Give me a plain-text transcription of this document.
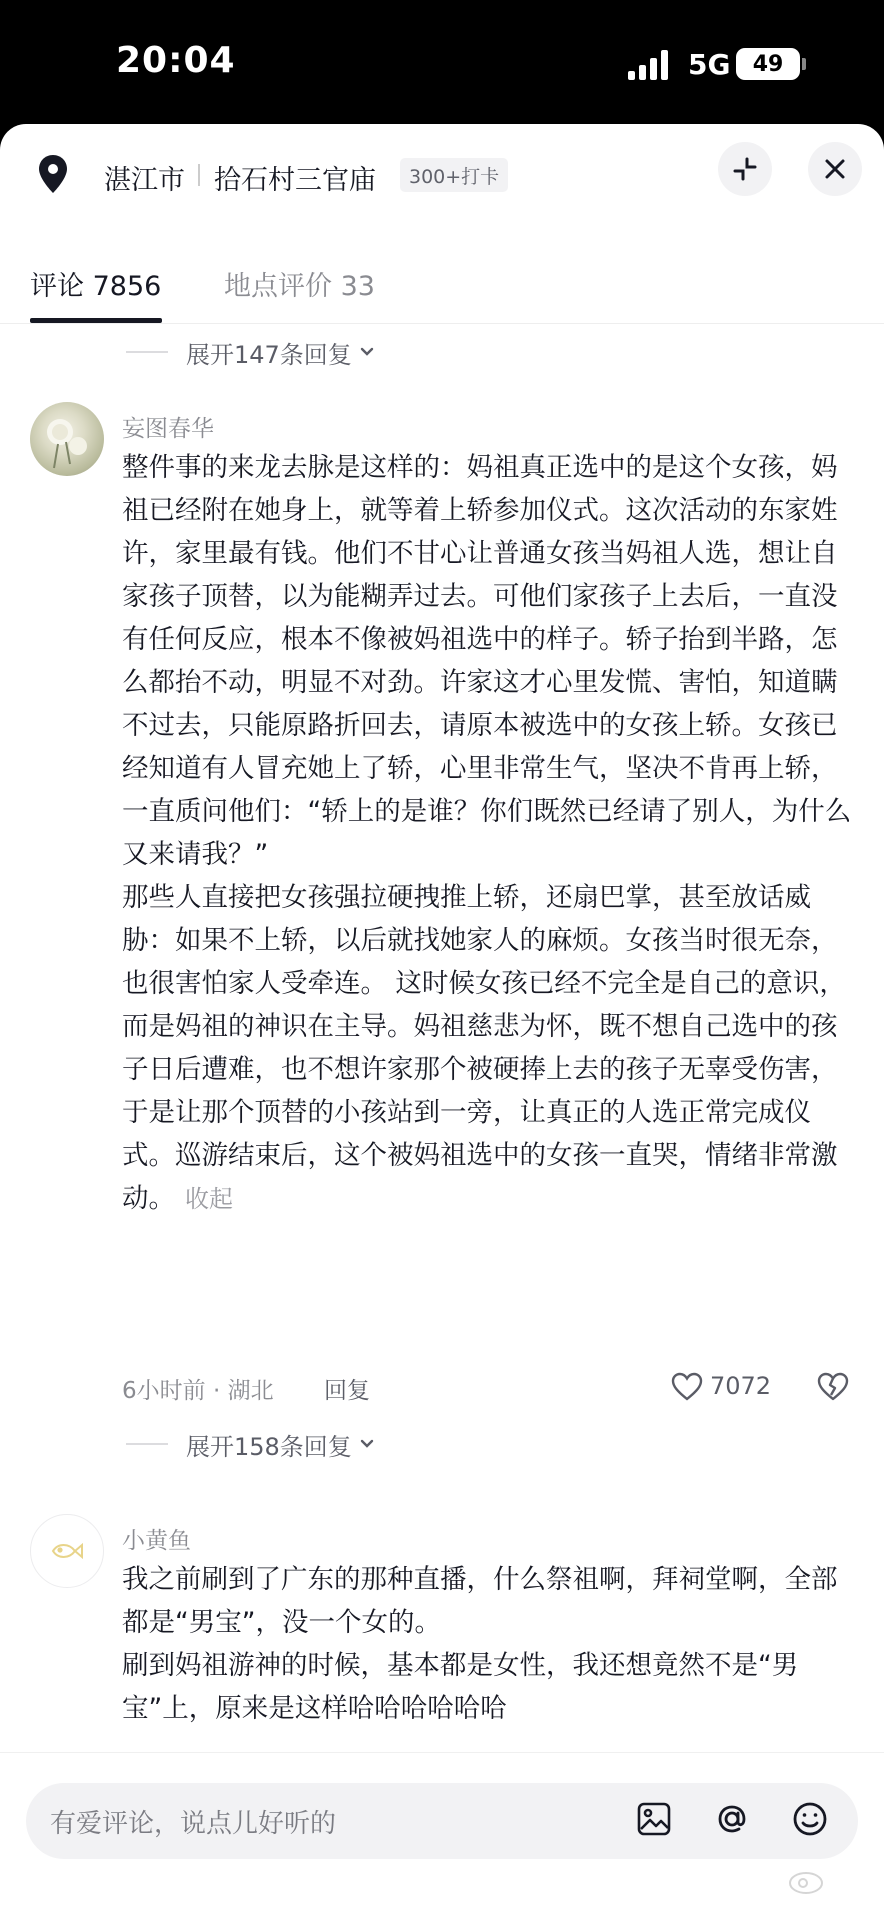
20:04	5G	49
湛江市 拾石村三官庙	300+打卡
评论 7856 地点评价 33
展开147条回复
妄图春华

整件事的来龙去脉是这样的：妈祖真正选中的是这个女孩，妈祖已经附在她身上，就等着上轿参加仪式。这次活动的东家姓许，家里最有钱。他们不甘心让普通女孩当妈祖人选，想让自家孩子顶替，以为能糊弄过去。可他们家孩子上去后，一直没有任何反应，根本不像被妈祖选中的样子。轿子抬到半路，怎么都抬不动，明显不对劲。许家这才心里发慌、害怕，知道瞒不过去，只能原路折回去，请原本被选中的女孩上轿。女孩已经知道有人冒充她上了轿，心里非常生气，坚决不肯再上轿，一直质问他们：“轿上的是谁？你们既然已经请了别人，为什么又来请我？”

那些人直接把女孩强拉硬拽推上轿，还扇巴掌，甚至放话威胁：如果不上轿，以后就找她家人的麻烦。女孩当时很无奈，也很害怕家人受牵连。 这时候女孩已经不完全是自己的意识，而是妈祖的神识在主导。妈祖慈悲为怀，既不想自己选中的孩子日后遭难，也不想许家那个被硬捧上去的孩子无辜受伤害，于是让那个顶替的小孩站到一旁，让真正的人选正常完成仪式。巡游结束后，这个被妈祖选中的女孩一直哭，情绪非常激动。 收起

6小时前 · 湖北 回复	7072
展开158条回复
小黄鱼

我之前刷到了广东的那种直播，什么祭祖啊，拜祠堂啊，全部都是“男宝”，没一个女的。

刷到妈祖游神的时候，基本都是女性，我还想竟然不是“男宝”上，原来是这样哈哈哈哈哈哈

有爱评论，说点儿好听的
